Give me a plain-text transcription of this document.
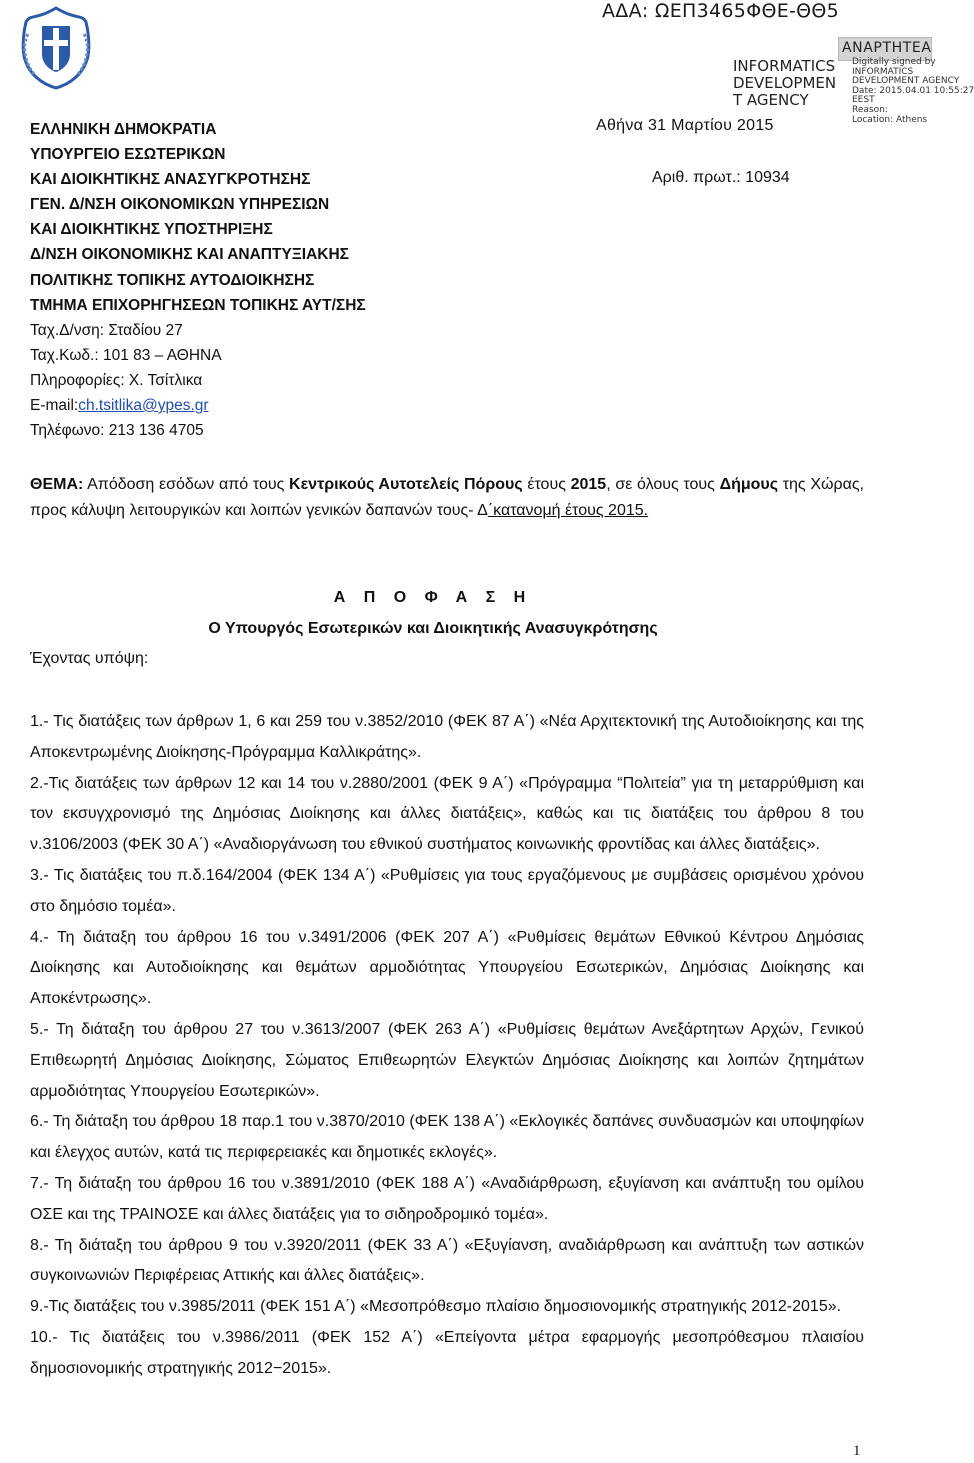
ΑΔΑ: ΩΕΠ3465ΦΘΕ-ΘΘ5
INFORMATICS
DEVELOPMEN
T AGENCY
ΑΝΑΡΤΗΤΕΑ
Digitally signed by
INFORMATICS
DEVELOPMENT AGENCY
Date: 2015.04.01 10:55:27
EEST
Reason:
Location: Athens
ΕΛΛΗΝΙΚΗ ΔΗΜΟΚΡΑΤΙΑ
ΥΠΟΥΡΓΕΙΟ ΕΣΩΤΕΡΙΚΩΝ
ΚΑΙ ΔΙΟΙΚΗΤΙΚΗΣ ΑΝΑΣΥΓΚΡΟΤΗΣΗΣ
ΓΕΝ. Δ/ΝΣΗ ΟΙΚΟΝΟΜΙΚΩΝ ΥΠΗΡΕΣΙΩΝ
ΚΑΙ ΔΙΟΙΚΗΤΙΚΗΣ ΥΠΟΣΤΗΡΙΞΗΣ
Δ/ΝΣΗ ΟΙΚΟΝΟΜΙΚΗΣ ΚΑΙ ΑΝΑΠΤΥΞΙΑΚΗΣ
ΠΟΛΙΤΙΚΗΣ ΤΟΠΙΚΗΣ ΑΥΤΟΔΙΟΙΚΗΣΗΣ
ΤΜΗΜΑ ΕΠΙΧΟΡΗΓΗΣΕΩΝ ΤΟΠΙΚΗΣ ΑΥΤ/ΣΗΣ
Ταχ.Δ/νση: Σταδίου 27
Ταχ.Κωδ.: 101 83 – ΑΘΗΝΑ
Πληροφορίες: Χ. Τσίτλικα
E-mail:ch.tsitlika@ypes.gr
Τηλέφωνο: 213 136 4705
Αθήνα 31 Μαρτίου 2015
Αριθ. πρωτ.: 10934
ΘΕΜΑ: Απόδοση εσόδων από τους Κεντρικούς Αυτοτελείς Πόρους έτους 2015, σε όλους τους Δήμους της Χώρας, προς κάλυψη λειτουργικών και λοιπών γενικών δαπανών τους- Δ΄κατανομή έτους 2015.
Α Π Ο Φ Α Σ Η
Ο Υπουργός Εσωτερικών και Διοικητικής Ανασυγκρότησης
Έχοντας υπόψη:

1.- Τις διατάξεις των άρθρων 1, 6 και 259 του ν.3852/2010 (ΦΕΚ 87 Α΄) «Νέα Αρχιτεκτονική της Αυτοδιοίκησης και της Αποκεντρωμένης Διοίκησης-Πρόγραμμα Καλλικράτης».

2.-Τις διατάξεις των άρθρων 12 και 14 του ν.2880/2001 (ΦΕΚ 9 Α΄) «Πρόγραμμα “Πολιτεία” για τη μεταρρύθμιση και τον εκσυγχρονισμό της Δημόσιας Διοίκησης και άλλες διατάξεις», καθώς και τις διατάξεις του άρθρου 8 του ν.3106/2003 (ΦΕΚ 30 Α΄) «Αναδιοργάνωση του εθνικού συστήματος κοινωνικής φροντίδας και άλλες διατάξεις».

3.- Τις διατάξεις του π.δ.164/2004 (ΦΕΚ 134 Α΄) «Ρυθμίσεις για τους εργαζόμενους με συμβάσεις ορισμένου χρόνου στο δημόσιο τομέα».

4.- Τη διάταξη του άρθρου 16 του ν.3491/2006 (ΦΕΚ 207 Α΄) «Ρυθμίσεις θεμάτων Εθνικού Κέντρου Δημόσιας Διοίκησης και Αυτοδιοίκησης και θεμάτων αρμοδιότητας Υπουργείου Εσωτερικών, Δημόσιας Διοίκησης και Αποκέντρωσης».

5.- Τη διάταξη του άρθρου 27 του ν.3613/2007 (ΦΕΚ 263 Α΄) «Ρυθμίσεις θεμάτων Ανεξάρτητων Αρχών, Γενικού Επιθεωρητή Δημόσιας Διοίκησης, Σώματος Επιθεωρητών Ελεγκτών Δημόσιας Διοίκησης και λοιπών ζητημάτων αρμοδιότητας Υπουργείου Εσωτερικών».

6.- Τη διάταξη του άρθρου 18 παρ.1 του ν.3870/2010 (ΦΕΚ 138 Α΄) «Εκλογικές δαπάνες συνδυασμών και υποψηφίων και έλεγχος αυτών, κατά τις περιφερειακές και δημοτικές εκλογές».

7.- Τη διάταξη του άρθρου 16 του ν.3891/2010 (ΦΕΚ 188 Α΄) «Αναδιάρθρωση, εξυγίανση και ανάπτυξη του ομίλου ΟΣΕ και της ΤΡΑΙΝΟΣΕ και άλλες διατάξεις για το σιδηροδρομικό τομέα».

8.- Τη διάταξη του άρθρου 9 του ν.3920/2011 (ΦΕΚ 33 Α΄) «Εξυγίανση, αναδιάρθρωση και ανάπτυξη των αστικών συγκοινωνιών Περιφέρειας Αττικής και άλλες διατάξεις».

9.-Τις διατάξεις του ν.3985/2011 (ΦΕΚ 151 Α΄) «Μεσοπρόθεσμο πλαίσιο δημοσιονομικής στρατηγικής 2012-2015».

10.- Τις διατάξεις του ν.3986/2011 (ΦΕΚ 152 Α΄) «Επείγοντα μέτρα εφαρμογής μεσοπρόθεσμου πλαισίου δημοσιονομικής στρατηγικής 2012−2015».

1
